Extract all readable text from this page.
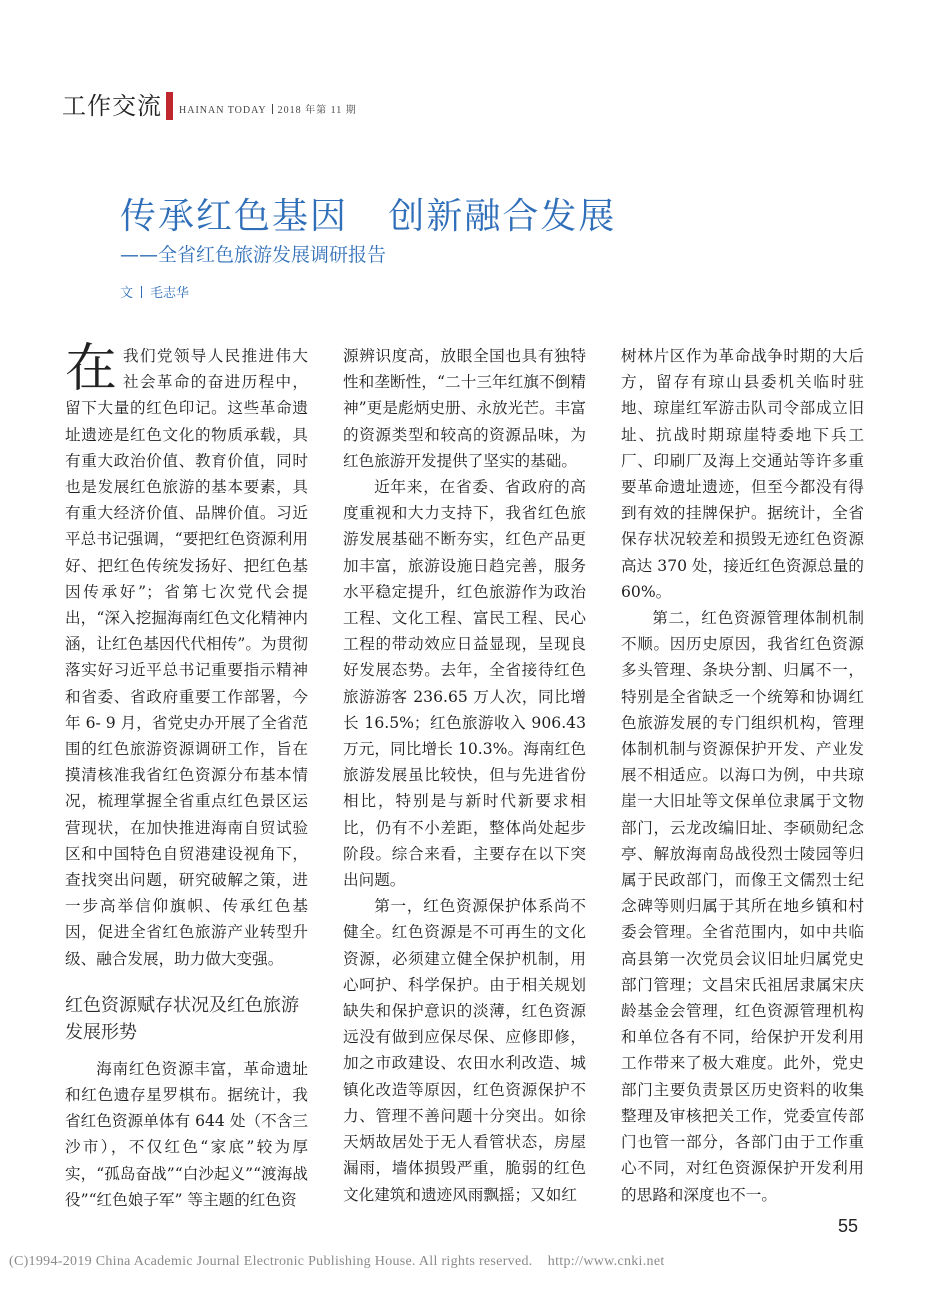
工作交流 HAINAN TODAY 2018 年第 11 期
传承红色基因   创新融合发展
——全省红色旅游发展调研报告
文 毛志华

在我们党领导人民推进伟大社会革命的奋进历程中，留下大量的红色印记。这些革命遗址遗迹是红色文化的物质承载，具有重大政治价值、教育价值，同时也是发展红色旅游的基本要素，具有重大经济价值、品牌价值。习近平总书记强调，“要把红色资源利用好、把红色传统发扬好、把红色基因传承好”；省第七次党代会提出，“深入挖掘海南红色文化精神内涵，让红色基因代代相传”。为贯彻落实好习近平总书记重要指示精神和省委、省政府重要工作部署，今年 6- 9 月，省党史办开展了全省范围的红色旅游资源调研工作，旨在摸清核准我省红色资源分布基本情况，梳理掌握全省重点红色景区运营现状，在加快推进海南自贸试验区和中国特色自贸港建设视角下，查找突出问题，研究破解之策，进一步高举信仰旗帜、传承红色基因，促进全省红色旅游产业转型升级、融合发展，助力做大变强。

红色资源赋存状况及红色旅游发展形势

海南红色资源丰富，革命遗址和红色遗存星罗棋布。据统计，我省红色资源单体有 644 处（不含三沙市），不仅红色“家底”较为厚实，“孤岛奋战”“白沙起义”“渡海战役”“红色娘子军” 等主题的红色资

源辨识度高，放眼全国也具有独特性和垄断性，“二十三年红旗不倒精神”更是彪炳史册、永放光芒。丰富的资源类型和较高的资源品味，为红色旅游开发提供了坚实的基础。

近年来，在省委、省政府的高度重视和大力支持下，我省红色旅游发展基础不断夯实，红色产品更加丰富，旅游设施日趋完善，服务水平稳定提升，红色旅游作为政治工程、文化工程、富民工程、民心工程的带动效应日益显现，呈现良好发展态势。去年，全省接待红色旅游游客 236.65 万人次，同比增长 16.5%；红色旅游收入 906.43 万元，同比增长 10.3%。海南红色旅游发展虽比较快，但与先进省份相比，特别是与新时代新要求相比，仍有不小差距，整体尚处起步阶段。综合来看，主要存在以下突出问题。

第一，红色资源保护体系尚不健全。红色资源是不可再生的文化资源，必须建立健全保护机制，用心呵护、科学保护。由于相关规划缺失和保护意识的淡薄，红色资源远没有做到应保尽保、应修即修，加之市政建设、农田水利改造、城镇化改造等原因，红色资源保护不力、管理不善问题十分突出。如徐天炳故居处于无人看管状态，房屋漏雨，墙体损毁严重，脆弱的红色文化建筑和遗迹风雨飘摇；又如红

树林片区作为革命战争时期的大后方，留存有琼山县委机关临时驻地、琼崖红军游击队司令部成立旧址、抗战时期琼崖特委地下兵工厂、印刷厂及海上交通站等许多重要革命遗址遗迹，但至今都没有得到有效的挂牌保护。据统计，全省保存状况较差和损毁无迹红色资源高达 370 处，接近红色资源总量的 60%。

第二，红色资源管理体制机制不顺。因历史原因，我省红色资源多头管理、条块分割、归属不一，特别是全省缺乏一个统筹和协调红色旅游发展的专门组织机构，管理体制机制与资源保护开发、产业发展不相适应。以海口为例，中共琼崖一大旧址等文保单位隶属于文物部门，云龙改编旧址、李硕勋纪念亭、解放海南岛战役烈士陵园等归属于民政部门，而像王文儒烈士纪念碑等则归属于其所在地乡镇和村委会管理。全省范围内，如中共临高县第一次党员会议旧址归属党史部门管理；文昌宋氏祖居隶属宋庆龄基金会管理，红色资源管理机构和单位各有不同，给保护开发利用工作带来了极大难度。此外，党史部门主要负责景区历史资料的收集整理及审核把关工作，党委宣传部门也管一部分，各部门由于工作重心不同，对红色资源保护开发利用的思路和深度也不一。

55
(C)1994-2019 China Academic Journal Electronic Publishing House. All rights reserved.    http://www.cnki.net
